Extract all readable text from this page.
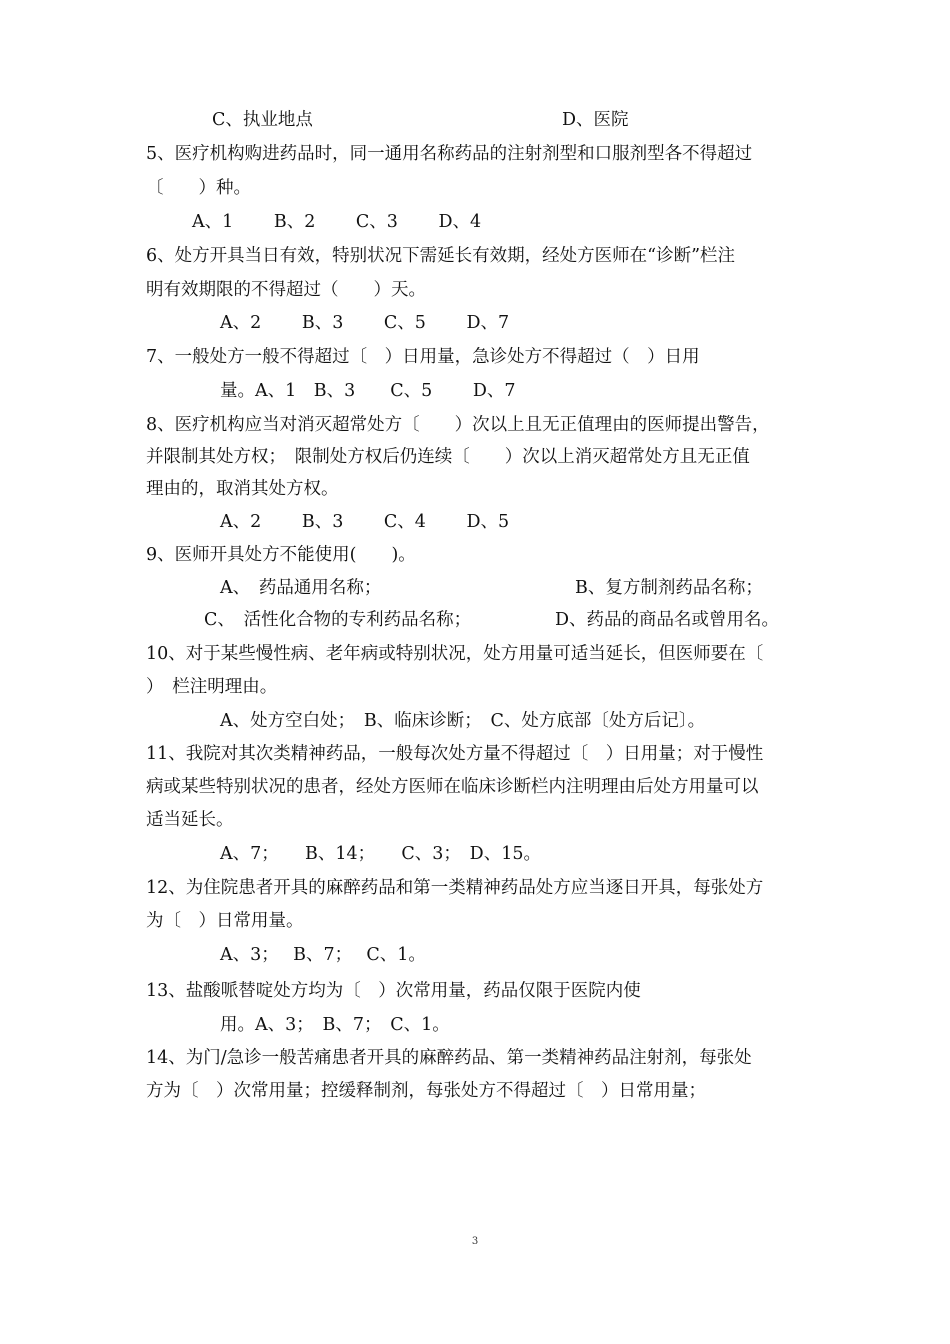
C、执业地点	D、医院
5、医疗机构购进药品时，同一通用名称药品的注射剂型和口服剂型各不得超过
〔　　）种。
A、1　　 B、2　　 C、3　　 D、4
6、处方开具当日有效，特别状况下需延长有效期，经处方医师在“诊断”栏注
明有效期限的不得超过（　　）天。
A、2　　 B、3　　 C、5　　 D、7
7、一般处方一般不得超过〔　）日用量，急诊处方不得超过（　）日用
量。A、1　B、3　　C、5　　 D、7
8、医疗机构应当对消灭超常处方〔　　）次以上且无正值理由的医师提出警告，
并限制其处方权；　限制处方权后仍连续〔　　）次以上消灭超常处方且无正值
理由的，取消其处方权。
A、2　　 B、3　　 C、4　　 D、5
9、医师开具处方不能使用(　　)。
A、　药品通用名称；	B、复方制剂药品名称；
C、　活性化合物的专利药品名称；	D、药品的商品名或曾用名。
10、对于某些慢性病、老年病或特别状况，处方用量可适当延长，但医师要在〔
）　栏注明理由。
A、处方空白处；　B、临床诊断；　C、处方底部〔处方后记〕。
11、我院对其次类精神药品，一般每次处方量不得超过〔　）日用量；对于慢性
病或某些特别状况的患者，经处方医师在临床诊断栏内注明理由后处方用量可以
适当延长。
A、7；　　B、14；　　C、3；　D、15。
12、为住院患者开具的麻醉药品和第一类精神药品处方应当逐日开具，每张处方
为〔　）日常用量。
A、3；　 B、7；　 C、1。
13、盐酸哌替啶处方均为〔　）次常用量，药品仅限于医院内使
用。A、3；　B、7；　C、1。
14、为门/急诊一般苦痛患者开具的麻醉药品、第一类精神药品注射剂，每张处
方为〔　）次常用量；控缓释制剂，每张处方不得超过〔　）日常用量；
3
